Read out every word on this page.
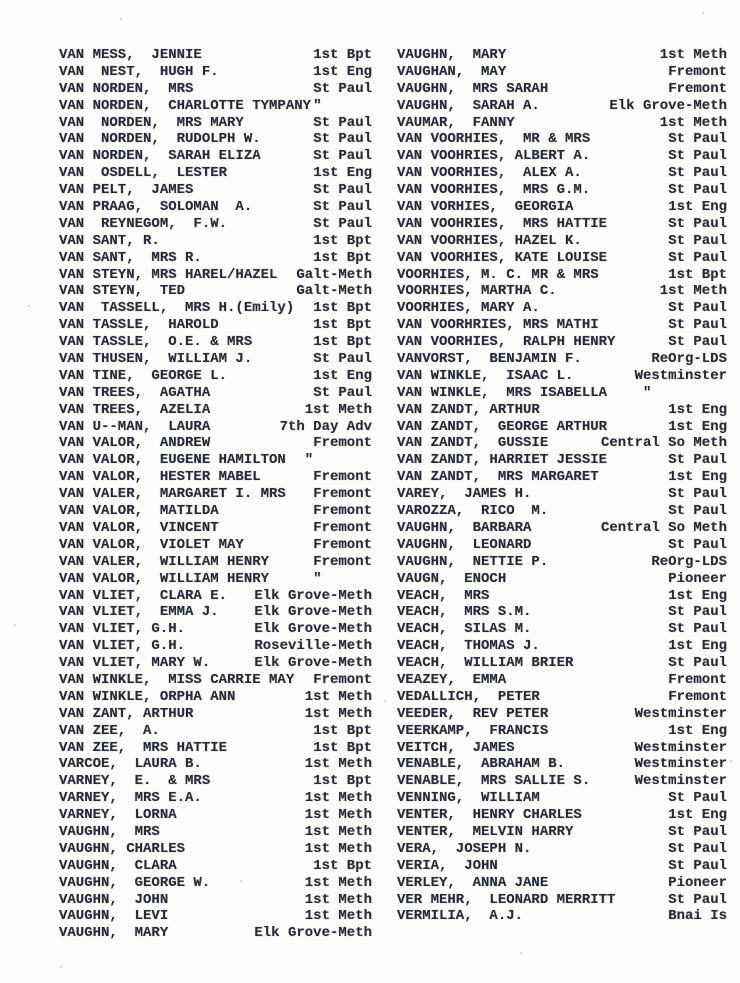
VAN MESS,  JENNIE	1st Bpt
VAN  NEST,  HUGH F.	1st Eng
VAN NORDEN,  MRS	St Paul
VAN NORDEN,  CHARLOTTE TYMPANY "
VAN  NORDEN,  MRS MARY	St Paul
VAN  NORDEN,  RUDOLPH W.	St Paul
VAN NORDEN,  SARAH ELIZA	St Paul
VAN  OSDELL,  LESTER	1st Eng
VAN PELT,  JAMES	St Paul
VAN PRAAG,  SOLOMAN  A.	St Paul
VAN  REYNEGOM,  F.W.	St Paul
VAN SANT, R.	1st Bpt
VAN SANT,  MRS R.	1st Bpt
VAN STEYN, MRS HAREL/HAZEL Galt-Meth
VAN STEYN,  TED	Galt-Meth
VAN  TASSELL,  MRS H.(Emily) 1st Bpt
VAN TASSLE,  HAROLD	1st Bpt
VAN TASSLE,  O.E. & MRS	1st Bpt
VAN THUSEN,  WILLIAM J.	St Paul
VAN TINE,  GEORGE L.	1st Eng
VAN TREES,  AGATHA	St Paul
VAN TREES,  AZELIA	1st Meth
VAN U--MAN,  LAURA	7th Day Adv
VAN VALOR,  ANDREW	Fremont
VAN VALOR,  EUGENE HAMILTON "
VAN VALOR,  HESTER MABEL	Fremont
VAN VALER,  MARGARET I. MRS Fremont
VAN VALOR,  MATILDA	Fremont
VAN VALOR,  VINCENT	Fremont
VAN VALOR,  VIOLET MAY	Fremont
VAN VALER,  WILLIAM HENRY	Fremont
VAN VALOR,  WILLIAM HENRY	"
VAN VLIET,  CLARA E. Elk Grove-Meth
VAN VLIET,  EMMA J.	Elk Grove-Meth
VAN VLIET, G.H.	Elk Grove-Meth
VAN VLIET, G.H.	Roseville-Meth
VAN VLIET, MARY W.	Elk Grove-Meth
VAN WINKLE,  MISS CARRIE MAY Fremont
VAN WINKLE, ORPHA ANN	1st Meth
VAN ZANT, ARTHUR	1st Meth
VAN ZEE,  A.	1st Bpt
VAN ZEE,  MRS HATTIE	1st Bpt
VARCOE,  LAURA B.	1st Meth
VARNEY,  E.  & MRS	1st Bpt
VARNEY,  MRS E.A.	1st Meth
VARNEY,  LORNA	1st Meth
VAUGHN,  MRS	1st Meth
VAUGHN, CHARLES	1st Meth
VAUGHN,  CLARA	1st Bpt
VAUGHN,  GEORGE W.	1st Meth
VAUGHN,  JOHN	1st Meth
VAUGHN,  LEVI	1st Meth
VAUGHN,  MARY	Elk Grove-Meth
VAUGHN,  MARY	1st Meth
VAUGHAN,  MAY	Fremont
VAUGHN,  MRS SARAH	Fremont
VAUGHN,  SARAH A.	Elk Grove-Meth
VAUMAR,  FANNY	1st Meth
VAN VOORHIES,  MR & MRS	St Paul
VAN VOOHRIES, ALBERT A.	St Paul
VAN VOORHIES,  ALEX A.	St Paul
VAN VOORHIES,  MRS G.M.	St Paul
VAN VORHIES,  GEORGIA	1st Eng
VAN VOOHRIES,  MRS HATTIE	St Paul
VAN VOORHIES, HAZEL K.	St Paul
VAN VOORHIES, KATE LOUISE	St Paul
VOORHIES, M. C. MR & MRS	1st Bpt
VOORHIES, MARTHA C.	1st Meth
VOORHIES, MARY A.	St Paul
VAN VOORHRIES, MRS MATHI	St Paul
VAN VOORHIES,  RALPH HENRY	St Paul
VANVORST,  BENJAMIN F.	ReOrg-LDS
VAN WINKLE,  ISAAC L.	Westminster
VAN WINKLE,  MRS ISABELLA	"
VAN ZANDT, ARTHUR	1st Eng
VAN ZANDT,  GEORGE ARTHUR	1st Eng
VAN ZANDT,  GUSSIE	Central So Meth
VAN ZANDT, HARRIET JESSIE	St Paul
VAN ZANDT,  MRS MARGARET	1st Eng
VAREY,  JAMES H.	St Paul
VAROZZA,  RICO  M.	St Paul
VAUGHN,  BARBARA	Central So Meth
VAUGHN,  LEONARD	St Paul
VAUGHN,  NETTIE P.	ReOrg-LDS
VAUGN,  ENOCH	Pioneer
VEACH,  MRS	1st Eng
VEACH,  MRS S.M.	St Paul
VEACH,  SILAS M.	St Paul
VEACH,  THOMAS J.	1st Eng
VEACH,  WILLIAM BRIER	St Paul
VEAZEY,  EMMA	Fremont
VEDALLICH,  PETER	Fremont
VEEDER,  REV PETER	Westminster
VEERKAMP,  FRANCIS	1st Eng
VEITCH,  JAMES	Westminster
VENABLE,  ABRAHAM B.	Westminster
VENABLE,  MRS SALLIE S.	Westminster
VENNING,  WILLIAM	St Paul
VENTER,  HENRY CHARLES	1st Eng
VENTER,  MELVIN HARRY	St Paul
VERA,  JOSEPH N.	St Paul
VERIA,  JOHN	St Paul
VERLEY,  ANNA JANE	Pioneer
VER MEHR,  LEONARD MERRITT	St Paul
VERMILIA,  A.J.	Bnai Is
